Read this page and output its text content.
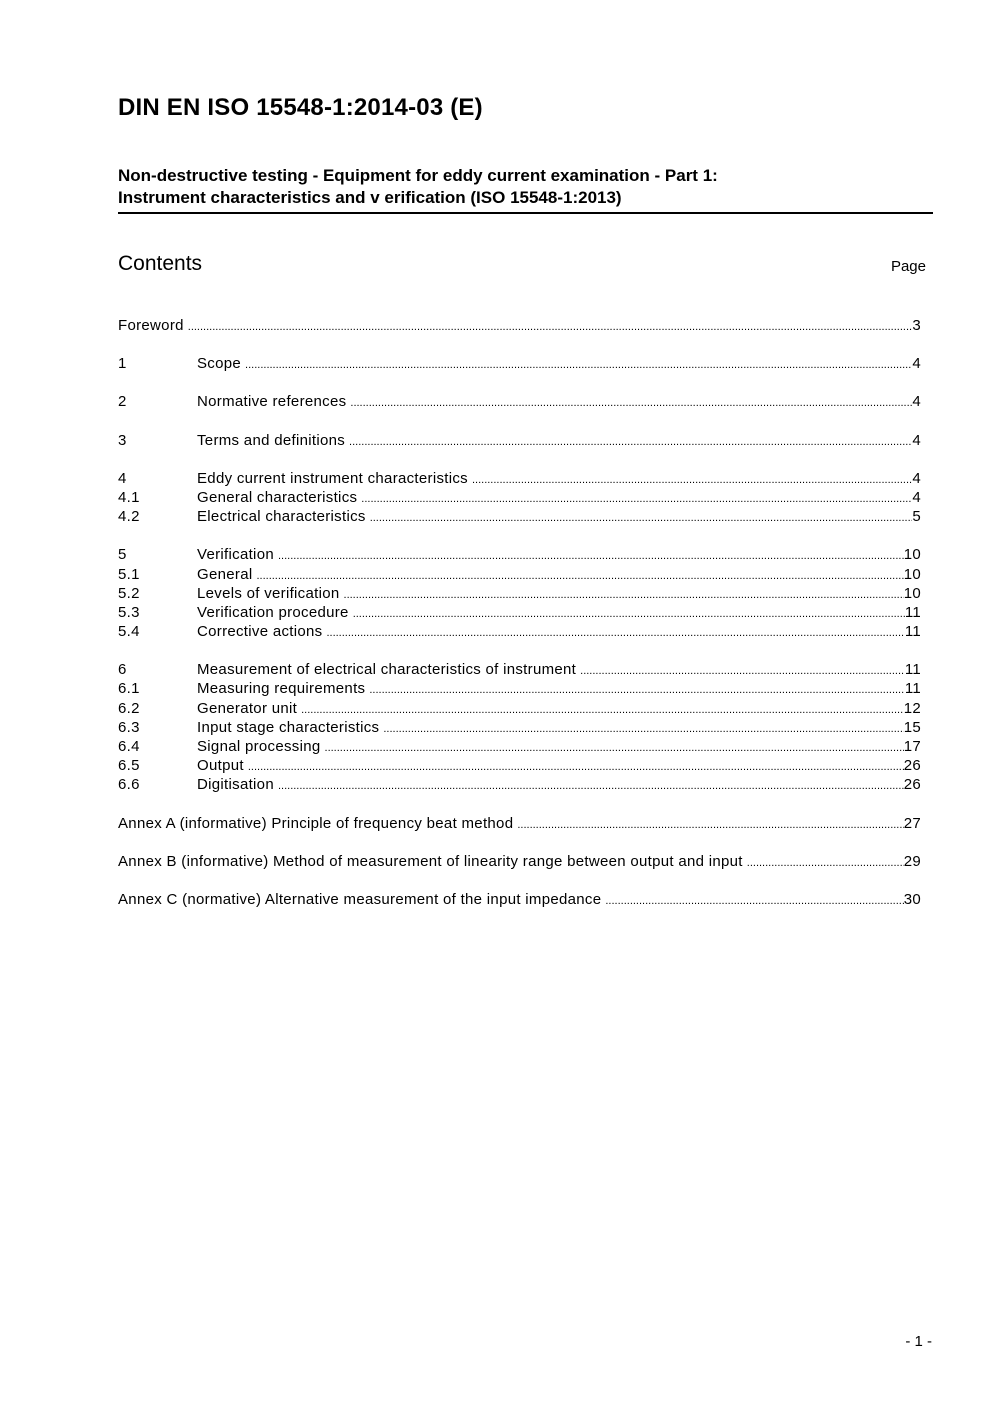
DIN EN ISO 15548-1:2014-03 (E)
Non-destructive testing - Equipment for eddy current examination - Part 1:
Instrument characteristics and v erification (ISO 15548-1:2013)
Contents	Page
Foreword .....	3
1	Scope .....	4
2	Normative references .....	4
3	Terms and definitions .....	4
4	Eddy current instrument characteristics .....	4
4.1	General characteristics .....	4
4.2	Electrical characteristics .....	5
5	Verification .....	10
5.1	General .....	10
5.2	Levels of verification .....	10
5.3	Verification procedure .....	11
5.4	Corrective actions .....	11
6	Measurement of electrical characteristics of instrument .....	11
6.1	Measuring requirements .....	11
6.2	Generator unit .....	12
6.3	Input stage characteristics .....	15
6.4	Signal processing .....	17
6.5	Output .....	26
6.6	Digitisation .....	26
Annex A (informative) Principle of frequency beat method .....	27
Annex B (informative) Method of measurement of linearity range between output and input .....	29
Annex C (normative) Alternative measurement of the input impedance .....	30
- 1 -
